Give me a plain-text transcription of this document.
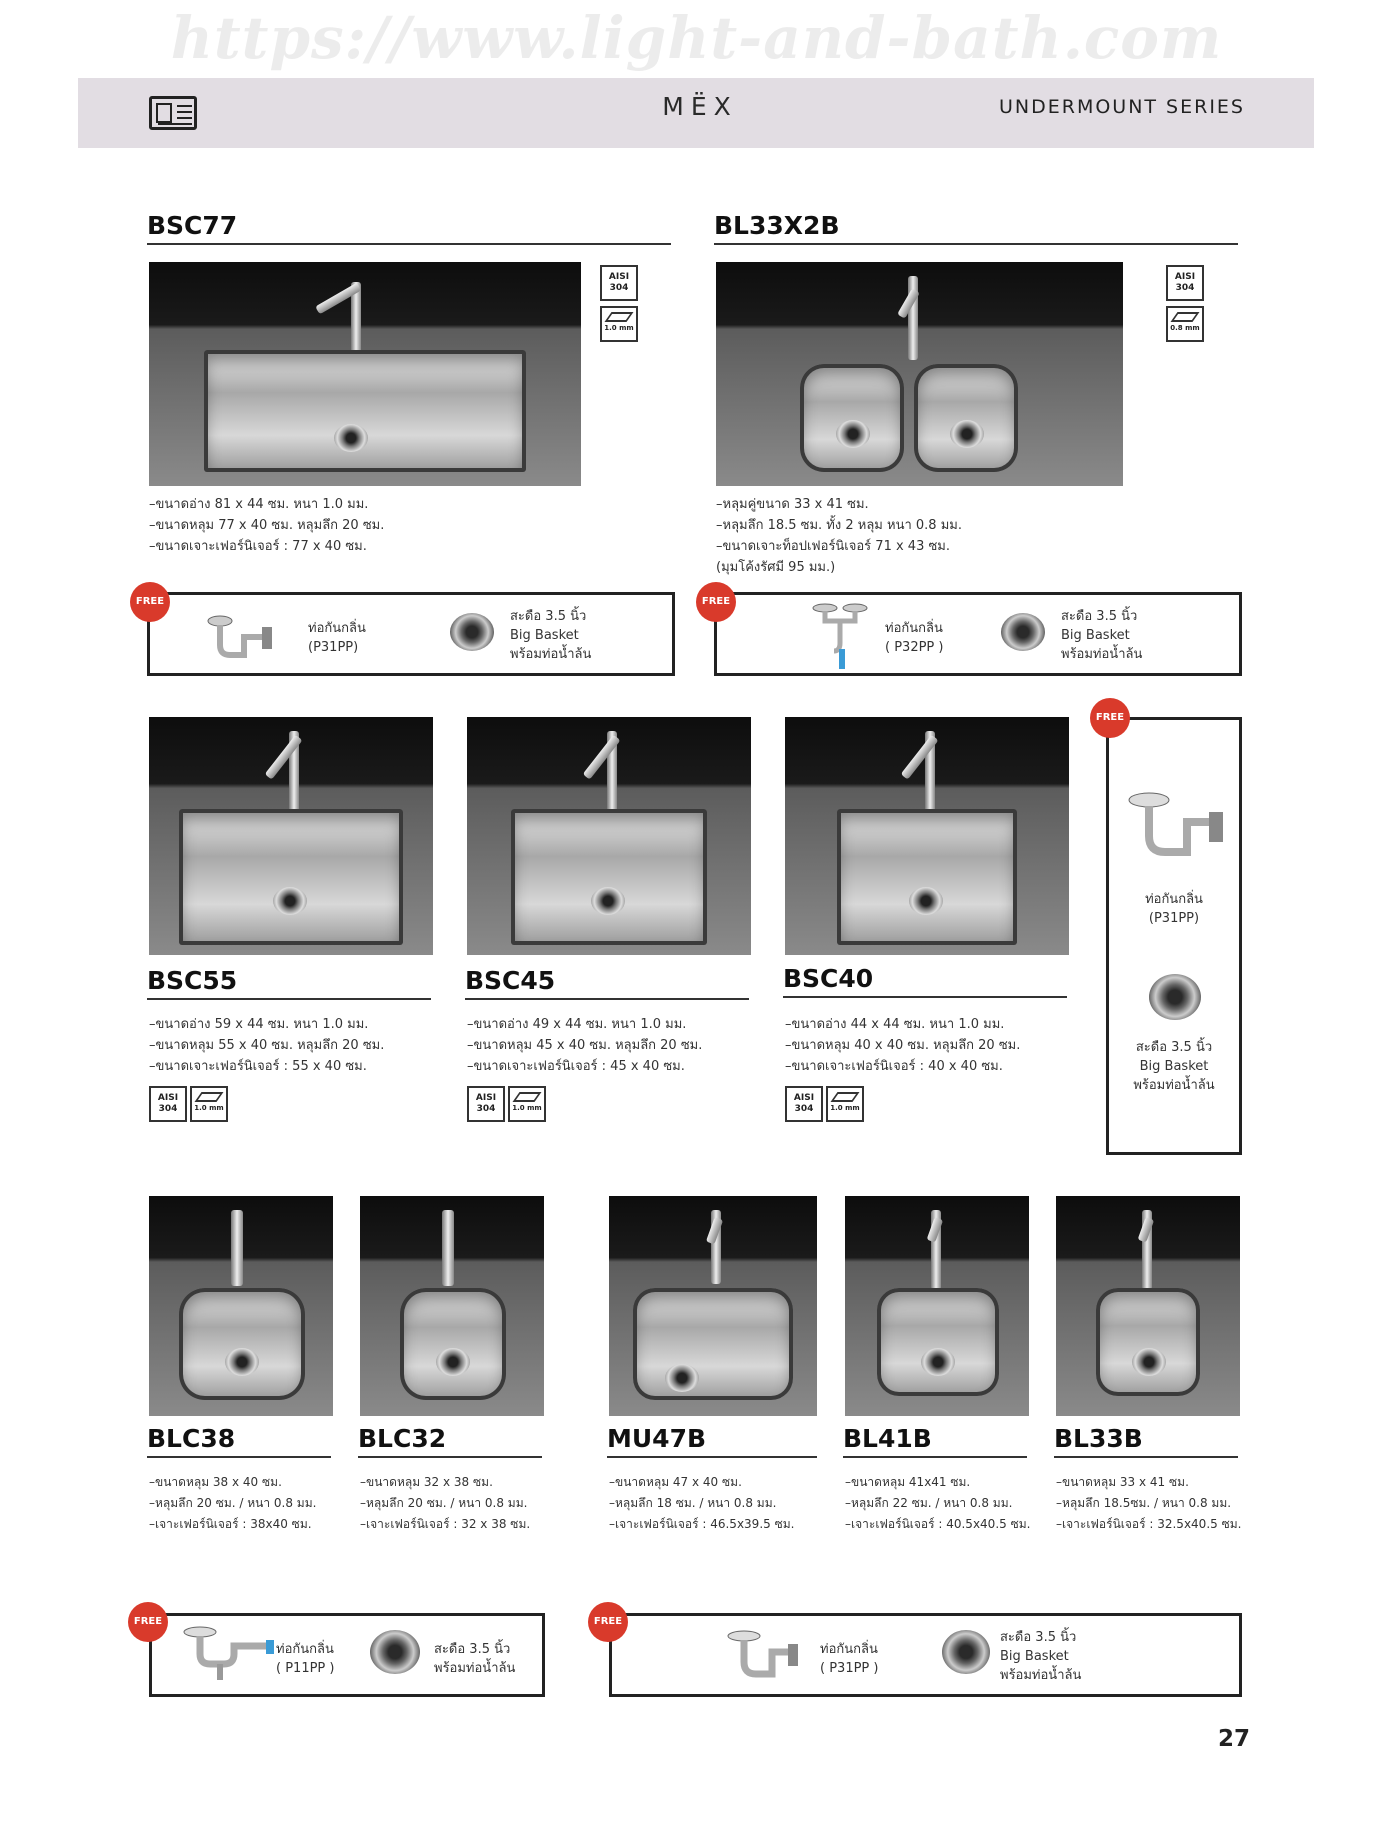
https://www.light-and-bath.com
MËX	UNDERMOUNT SERIES
BSC77
AISI
304
1.0 mm
–ขนาดอ่าง 81 x 44 ซม. หนา 1.0 มม.
–ขนาดหลุม 77 x 40 ซม. หลุมลึก 20 ซม.
–ขนาดเจาะเฟอร์นิเจอร์ : 77 x 40 ซม.
BL33X2B
AISI
304
0.8 mm
–หลุมคู่ขนาด 33 x 41 ซม.
–หลุมลึก 18.5 ซม. ทั้ง 2 หลุม หนา 0.8 มม.
–ขนาดเจาะท็อปเฟอร์นิเจอร์ 71 x 43 ซม.
(มุมโค้งรัศมี 95 มม.)
ท่อกันกลิ่น
(P31PP)
สะดือ 3.5 นิ้ว
Big Basket
พร้อมท่อน้ำล้น
FREE
ท่อกันกลิ่น
( P32PP )
สะดือ 3.5 นิ้ว
Big Basket
พร้อมท่อน้ำล้น
FREE
BSC55
–ขนาดอ่าง 59 x 44 ซม. หนา 1.0 มม.
–ขนาดหลุม 55 x 40 ซม. หลุมลึก 20 ซม.
–ขนาดเจาะเฟอร์นิเจอร์ : 55 x 40 ซม.
AISI
304	1.0 mm
BSC45
–ขนาดอ่าง 49 x 44 ซม. หนา 1.0 มม.
–ขนาดหลุม 45 x 40 ซม. หลุมลึก 20 ซม.
–ขนาดเจาะเฟอร์นิเจอร์ : 45 x 40 ซม.
AISI
304	1.0 mm
BSC40
–ขนาดอ่าง 44 x 44 ซม. หนา 1.0 มม.
–ขนาดหลุม 40 x 40 ซม. หลุมลึก 20 ซม.
–ขนาดเจาะเฟอร์นิเจอร์ : 40 x 40 ซม.
AISI
304	1.0 mm
ท่อกันกลิ่น
(P31PP)
สะดือ 3.5 นิ้ว
Big Basket
พร้อมท่อน้ำล้น
FREE
BLC38
–ขนาดหลุม 38 x 40 ซม.
–หลุมลึก 20 ซม. / หนา 0.8 มม.
–เจาะเฟอร์นิเจอร์ : 38x40 ซม.
BLC32
–ขนาดหลุม 32 x 38 ซม.
–หลุมลึก 20 ซม. / หนา 0.8 มม.
–เจาะเฟอร์นิเจอร์ : 32 x 38 ซม.
MU47B
–ขนาดหลุม 47 x 40 ซม.
–หลุมลึก 18 ซม. / หนา 0.8 มม.
–เจาะเฟอร์นิเจอร์ : 46.5x39.5 ซม.
BL41B
–ขนาดหลุม 41x41 ซม.
–หลุมลึก 22 ซม. / หนา 0.8 มม.
–เจาะเฟอร์นิเจอร์ : 40.5x40.5 ซม.
BL33B
–ขนาดหลุม 33 x 41 ซม.
–หลุมลึก 18.5ซม. / หนา 0.8 มม.
–เจาะเฟอร์นิเจอร์ : 32.5x40.5 ซม.
ท่อกันกลิ่น
( P11PP )
สะดือ 3.5 นิ้ว
พร้อมท่อน้ำล้น
FREE
ท่อกันกลิ่น
( P31PP )
สะดือ 3.5 นิ้ว
Big Basket
พร้อมท่อน้ำล้น
FREE
27
